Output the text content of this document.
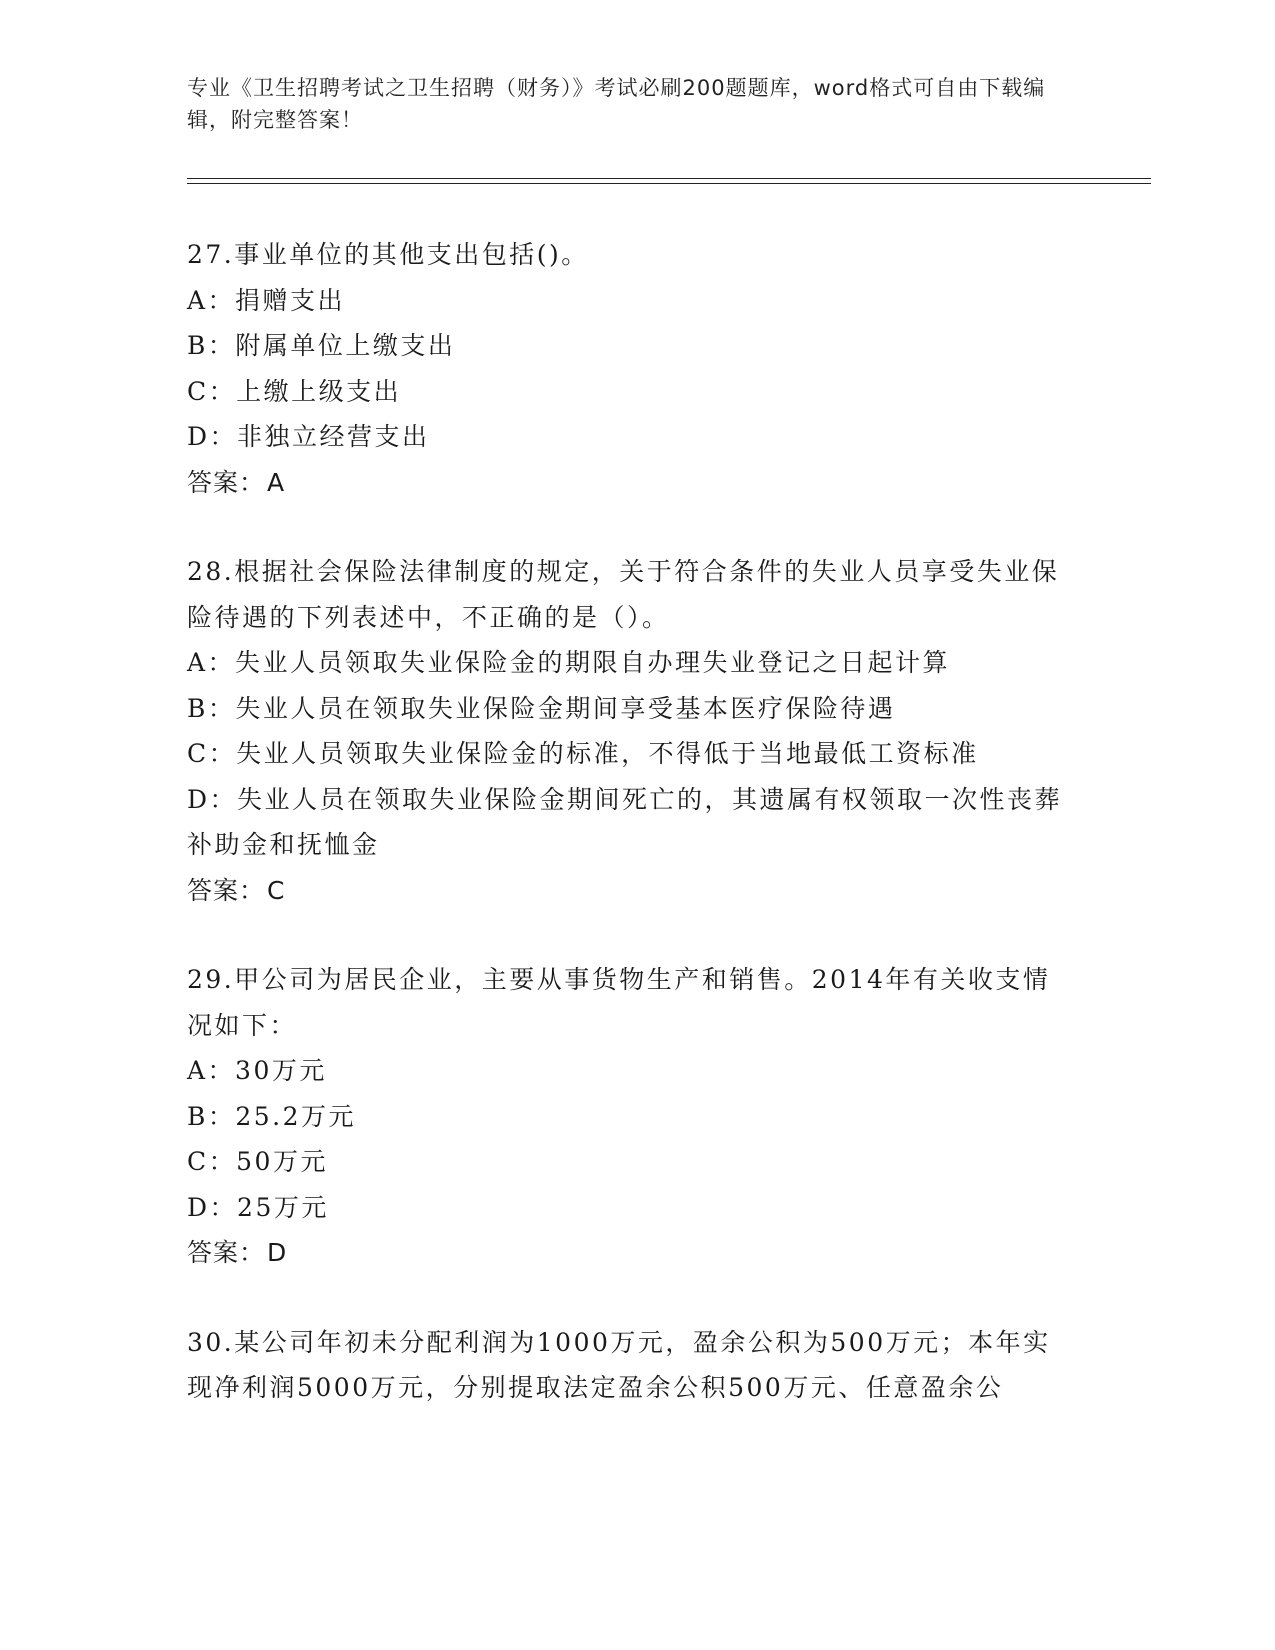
专业《卫生招聘考试之卫生招聘（财务）》考试必刷200题题库，word格式可自由下载编辑，附完整答案！
27.事业单位的其他支出包括()。
A：捐赠支出
B：附属单位上缴支出
C：上缴上级支出
D：非独立经营支出
答案：A
28.根据社会保险法律制度的规定，关于符合条件的失业人员享受失业保险待遇的下列表述中，不正确的是（）。
A：失业人员领取失业保险金的期限自办理失业登记之日起计算
B：失业人员在领取失业保险金期间享受基本医疗保险待遇
C：失业人员领取失业保险金的标准，不得低于当地最低工资标准
D：失业人员在领取失业保险金期间死亡的，其遗属有权领取一次性丧葬补助金和抚恤金
答案：C
29.甲公司为居民企业，主要从事货物生产和销售。2014年有关收支情况如下：
A：30万元
B：25.2万元
C：50万元
D：25万元
答案：D
30.某公司年初未分配利润为1000万元，盈余公积为500万元；本年实现净利润5000万元，分别提取法定盈余公积500万元、任意盈余公
